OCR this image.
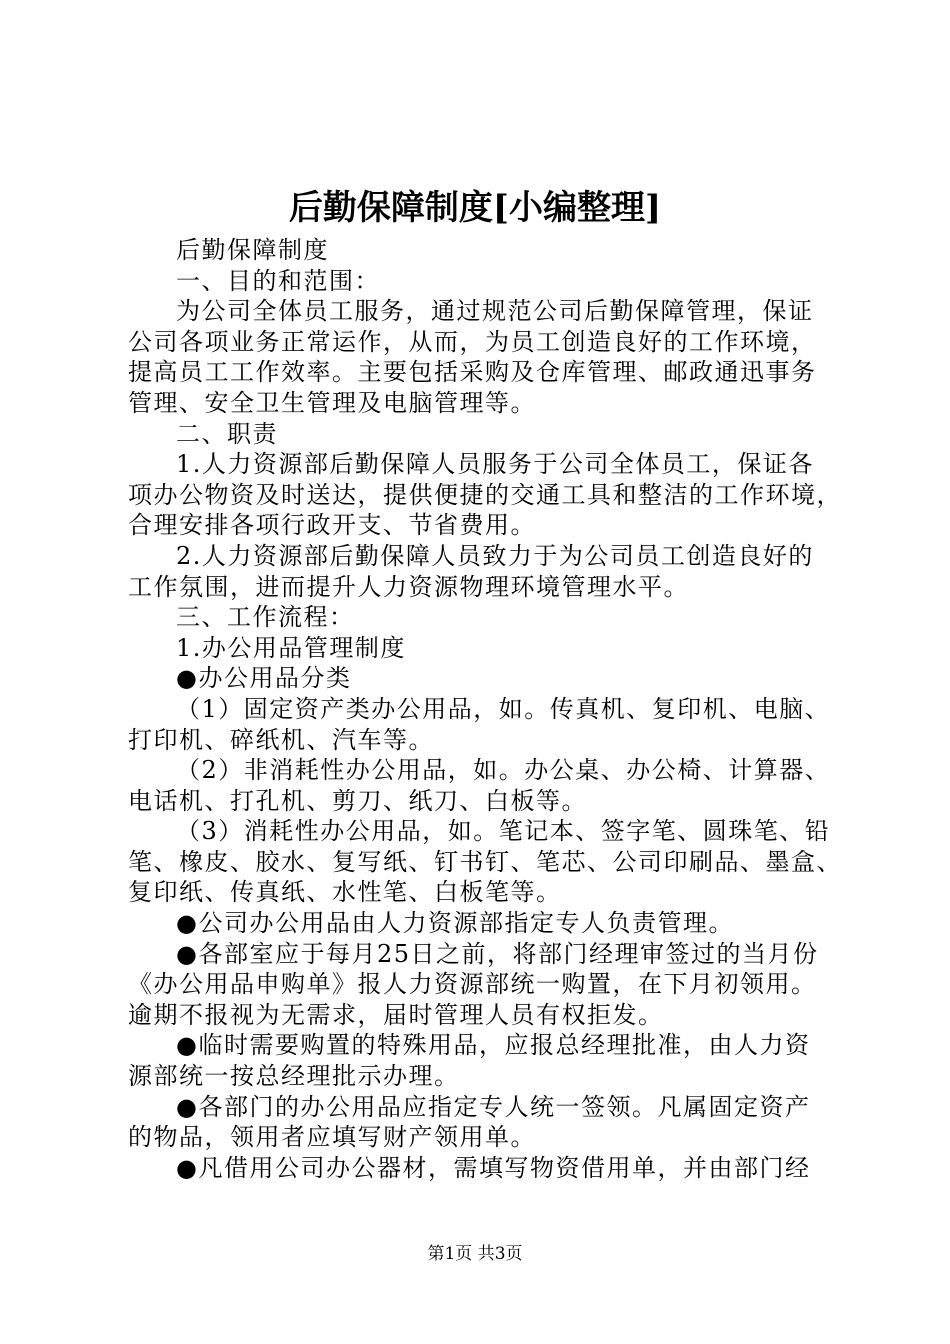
后勤保障制度[小编整理]
后勤保障制度
一、目的和范围：
为公司全体员工服务，通过规范公司后勤保障管理，保证
公司各项业务正常运作，从而，为员工创造良好的工作环境，
提高员工工作效率。主要包括采购及仓库管理、邮政通迅事务
管理、安全卫生管理及电脑管理等。
二、职责
1.人力资源部后勤保障人员服务于公司全体员工，保证各
项办公物资及时送达，提供便捷的交通工具和整洁的工作环境，
合理安排各项行政开支、节省费用。
2.人力资源部后勤保障人员致力于为公司员工创造良好的
工作氛围，进而提升人力资源物理环境管理水平。
三、工作流程：
1.办公用品管理制度
●办公用品分类
（1）固定资产类办公用品，如。传真机、复印机、电脑、
打印机、碎纸机、汽车等。
（2）非消耗性办公用品，如。办公桌、办公椅、计算器、
电话机、打孔机、剪刀、纸刀、白板等。
（3）消耗性办公用品，如。笔记本、签字笔、圆珠笔、铅
笔、橡皮、胶水、复写纸、钉书钉、笔芯、公司印刷品、墨盒、
复印纸、传真纸、水性笔、白板笔等。
●公司办公用品由人力资源部指定专人负责管理。
●各部室应于每月25日之前，将部门经理审签过的当月份
《办公用品申购单》报人力资源部统一购置，在下月初领用。
逾期不报视为无需求，届时管理人员有权拒发。
●临时需要购置的特殊用品，应报总经理批准，由人力资
源部统一按总经理批示办理。
●各部门的办公用品应指定专人统一签领。凡属固定资产
的物品，领用者应填写财产领用单。
●凡借用公司办公器材，需填写物资借用单，并由部门经
第1页 共3页
